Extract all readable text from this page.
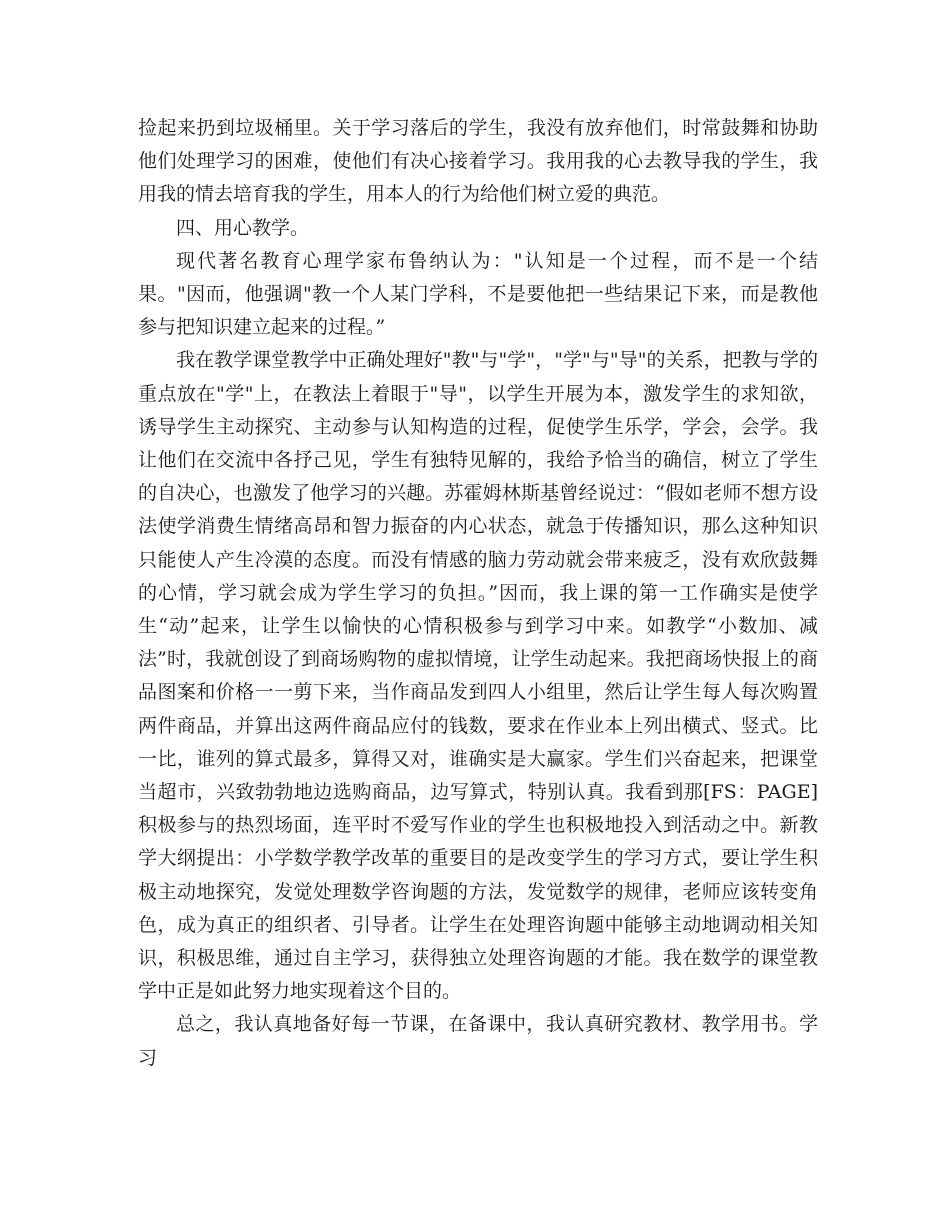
捡起来扔到垃圾桶里。关于学习落后的学生，我没有放弃他们，时常鼓舞和协助他们处理学习的困难，使他们有决心接着学习。我用我的心去教导我的学生，我用我的情去培育我的学生，用本人的行为给他们树立爱的典范。

四、用心教学。

现代著名教育心理学家布鲁纳认为："认知是一个过程，而不是一个结果。"因而，他强调"教一个人某门学科，不是要他把一些结果记下来，而是教他参与把知识建立起来的过程。”

我在教学课堂教学中正确处理好"教"与"学"，"学"与"导"的关系，把教与学的重点放在"学"上，在教法上着眼于"导"，以学生开展为本，激发学生的求知欲，诱导学生主动探究、主动参与认知构造的过程，促使学生乐学，学会，会学。我让他们在交流中各抒己见，学生有独特见解的，我给予恰当的确信，树立了学生的自决心，也激发了他学习的兴趣。苏霍姆林斯基曾经说过：“假如老师不想方设法使学消费生情绪高昂和智力振奋的内心状态，就急于传播知识，那么这种知识只能使人产生冷漠的态度。而没有情感的脑力劳动就会带来疲乏，没有欢欣鼓舞的心情，学习就会成为学生学习的负担。”因而，我上课的第一工作确实是使学生“动”起来，让学生以愉快的心情积极参与到学习中来。如教学“小数加、减法”时，我就创设了到商场购物的虚拟情境，让学生动起来。我把商场快报上的商品图案和价格一一剪下来，当作商品发到四人小组里，然后让学生每人每次购置两件商品，并算出这两件商品应付的钱数，要求在作业本上列出横式、竖式。比一比，谁列的算式最多，算得又对，谁确实是大赢家。学生们兴奋起来，把课堂当超市，兴致勃勃地边选购商品，边写算式，特别认真。我看到那[FS：PAGE]积极参与的热烈场面，连平时不爱写作业的学生也积极地投入到活动之中。新教学大纲提出：小学数学教学改革的重要目的是改变学生的学习方式，要让学生积极主动地探究，发觉处理数学咨询题的方法，发觉数学的规律，老师应该转变角色，成为真正的组织者、引导者。让学生在处理咨询题中能够主动地调动相关知识，积极思维，通过自主学习，获得独立处理咨询题的才能。我在数学的课堂教学中正是如此努力地实现着这个目的。

总之，我认真地备好每一节课，在备课中，我认真研究教材、教学用书。学习
